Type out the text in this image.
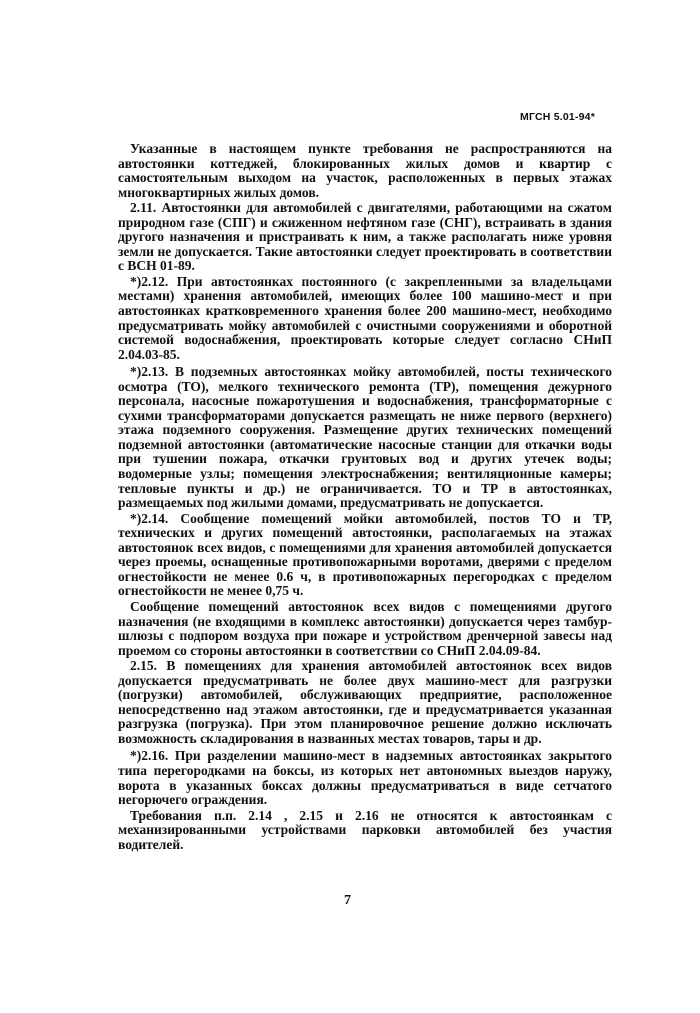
МГСН 5.01-94*

Указанные в настоящем пункте требования не распространяются на автостоянки коттеджей, блокированных жилых домов и квартир с самостоятельным выходом на участок, расположенных в первых этажах многоквартирных жилых домов.

2.11. Автостоянки для автомобилей с двигателями, работающими на сжатом природном газе (СПГ) и сжиженном нефтяном газе (СНГ), встраивать в здания другого назначения и пристраивать к ним, а также располагать ниже уровня земли не допускается. Такие автостоянки следует проектировать в соответствии с ВСН 01-89.

*)2.12. При автостоянках постоянного (с закрепленными за владельцами местами) хранения автомобилей, имеющих более 100 машино-мест и при автостоянках кратковременного хранения более 200 машино-мест, необходимо предусматривать мойку автомобилей с очистными сооружениями и оборотной системой водоснабжения, проектировать которые следует согласно СНиП 2.04.03-85.

*)2.13. В подземных автостоянках мойку автомобилей, посты технического осмотра (ТО), мелкого технического ремонта (ТР), помещения дежурного персонала, насосные пожаротушения и водоснабжения, трансформаторные с сухими трансформаторами допускается размещать не ниже первого (верхнего) этажа подземного сооружения. Размещение других технических помещений подземной автостоянки (автоматические насосные станции для откачки воды при тушении пожара, откачки грунтовых вод и других утечек воды; водомерные узлы; помещения электроснабжения; вентиляционные камеры; тепловые пункты и др.) не ограничивается. ТО и ТР в автостоянках, размещаемых под жилыми домами, предусматривать не допускается.

*)2.14. Сообщение помещений мойки автомобилей, постов ТО и ТР, технических и других помещений автостоянки, располагаемых на этажах автостоянок всех видов, с помещениями для хранения автомобилей допускается через проемы, оснащенные противопожарными воротами, дверями с пределом огнестойкости не менее 0.6 ч, в противопожарных перегородках с пределом огнестойкости не менее 0,75 ч.

Сообщение помещений автостоянок всех видов с помещениями другого назначения (не входящими в комплекс автостоянки) допускается через тамбур-шлюзы с подпором воздуха при пожаре и устройством дренчерной завесы над проемом со стороны автостоянки в соответствии со СНиП 2.04.09-84.

2.15. В помещениях для хранения автомобилей автостоянок всех видов допускается предусматривать не более двух машино-мест для разгрузки (погрузки) автомобилей, обслуживающих предприятие, расположенное непосредственно над этажом автостоянки, где и предусматривается указанная разгрузка (погрузка). При этом планировочное решение должно исключать возможность складирования в названных местах товаров, тары и др.

*)2.16. При разделении машино-мест в надземных автостоянках закрытого типа перегородками на боксы, из которых нет автономных выездов наружу, ворота в указанных боксах должны предусматриваться в виде сетчатого негорючего ограждения.

Требования п.п. 2.14 , 2.15 и 2.16 не относятся к автостоянкам с механизированными устройствами парковки автомобилей без участия водителей.

7
